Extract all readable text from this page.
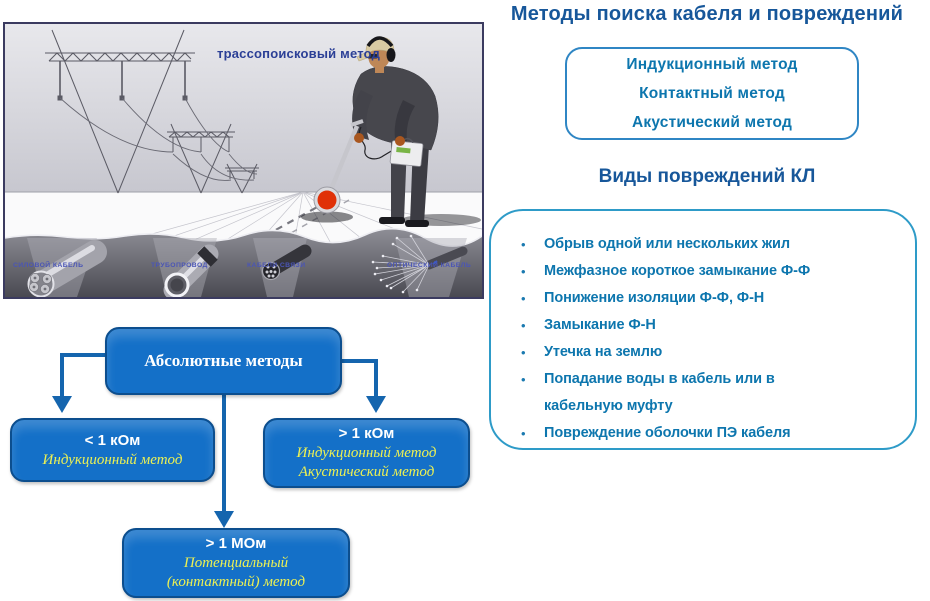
СИЛОВОЙ КАБЕЛЬ	ТРУБОПРОВОД	КАБЕЛИ СВЯЗИ	ОПТИЧЕСКИЙ КАБЕЛЬ
трассопоисковый метод
Методы поиска кабеля и повреждений
Индукционный метод
Контактный метод
Акустический метод
Виды повреждений КЛ
•	Обрыв одной или нескольких жил
•	Межфазное короткое замыкание Ф-Ф
•	Понижение изоляции Ф-Ф, Ф-Н
•	Замыкание Ф-Н
•	Утечка на землю
•	Попадание воды в кабель или в кабельную муфту
•	Повреждение оболочки ПЭ кабеля
Абсолютные методы
< 1 кОм
Индукционный метод
> 1 кОм
Индукционный метод
Акустический метод
> 1 МОм
Потенциальный
(контактный) метод
